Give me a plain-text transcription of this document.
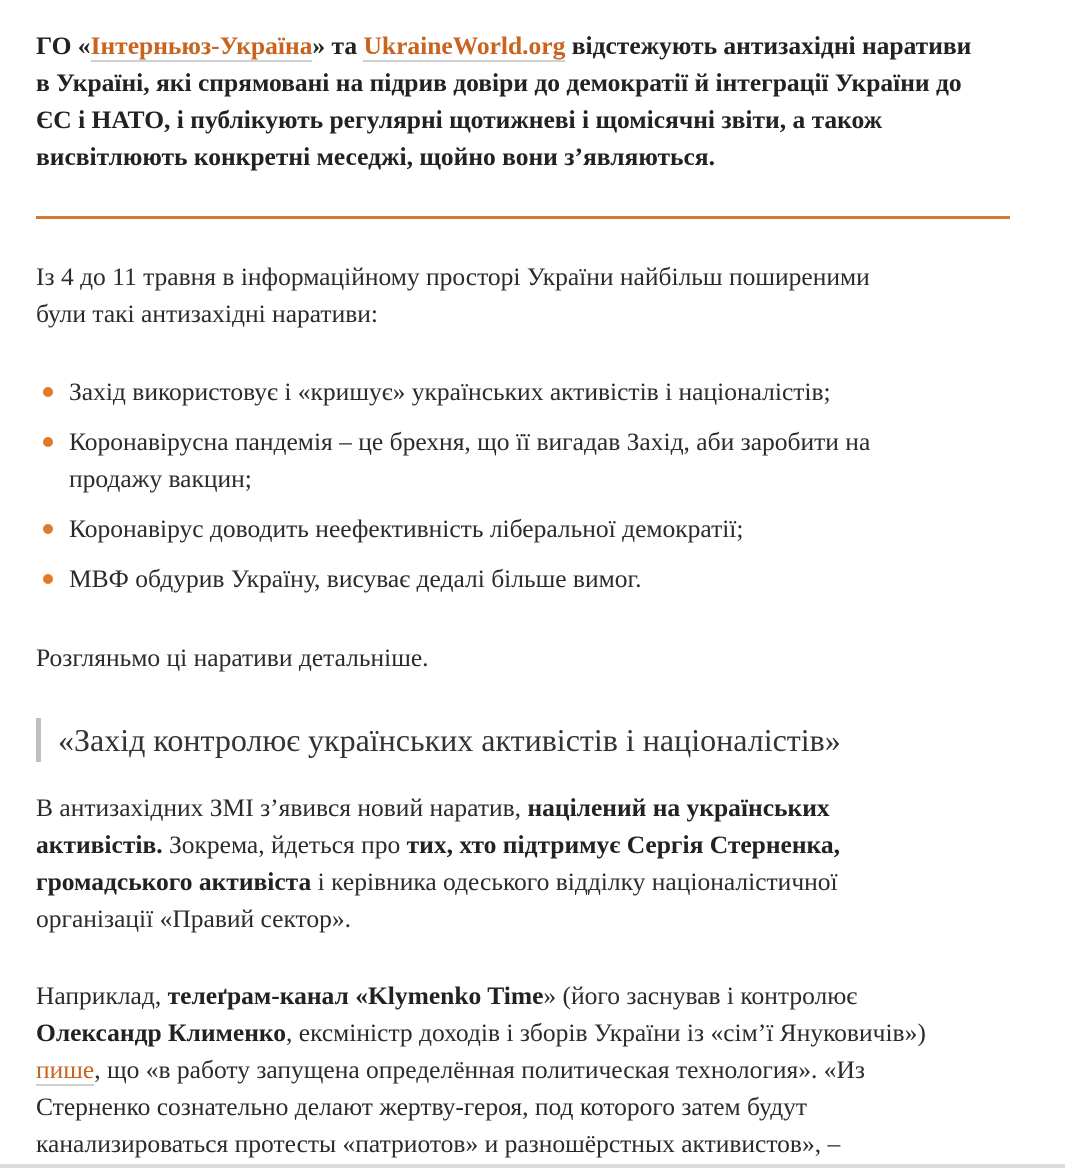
ГО «Інтерньюз-Україна» та UkraineWorld.org відстежують антизахідні наративи
в Україні, які спрямовані на підрив довіри до демократії й інтеграції України до
ЄС і НАТО, і публікують регулярні щотижневі і щомісячні звіти, а також
висвітлюють конкретні меседжі, щойно вони з’являються.
Із 4 до 11 травня в інформаційному просторі України найбільш поширеними
були такі антизахідні наративи:
Захід використовує і «кришує» українських активістів і націоналістів;
Коронавірусна пандемія – це брехня, що її вигадав Захід, аби заробити на
продажу вакцин;
Коронавірус доводить неефективність ліберальної демократії;
МВФ обдурив Україну, висуває дедалі більше вимог.
Розгляньмо ці наративи детальніше.
«Захід контролює українських активістів і націоналістів»
В антизахідних ЗМІ з’явився новий наратив, націлений на українських
активістів. Зокрема, йдеться про тих, хто підтримує Сергія Стерненка,
громадського активіста і керівника одеського відділку націоналістичної
організації «Правий сектор».
Наприклад, телеґрам-канал «Klymenko Time» (його заснував і контролює
Олександр Клименко, ексміністр доходів і зборів України із «сім’ї Януковичів»)
пише, що «в работу запущена определённая политическая технология». «Из
Стерненко сознательно делают жертву-героя, под которого затем будут
канализироваться протесты «патриотов» и разношёрстных активистов», –
